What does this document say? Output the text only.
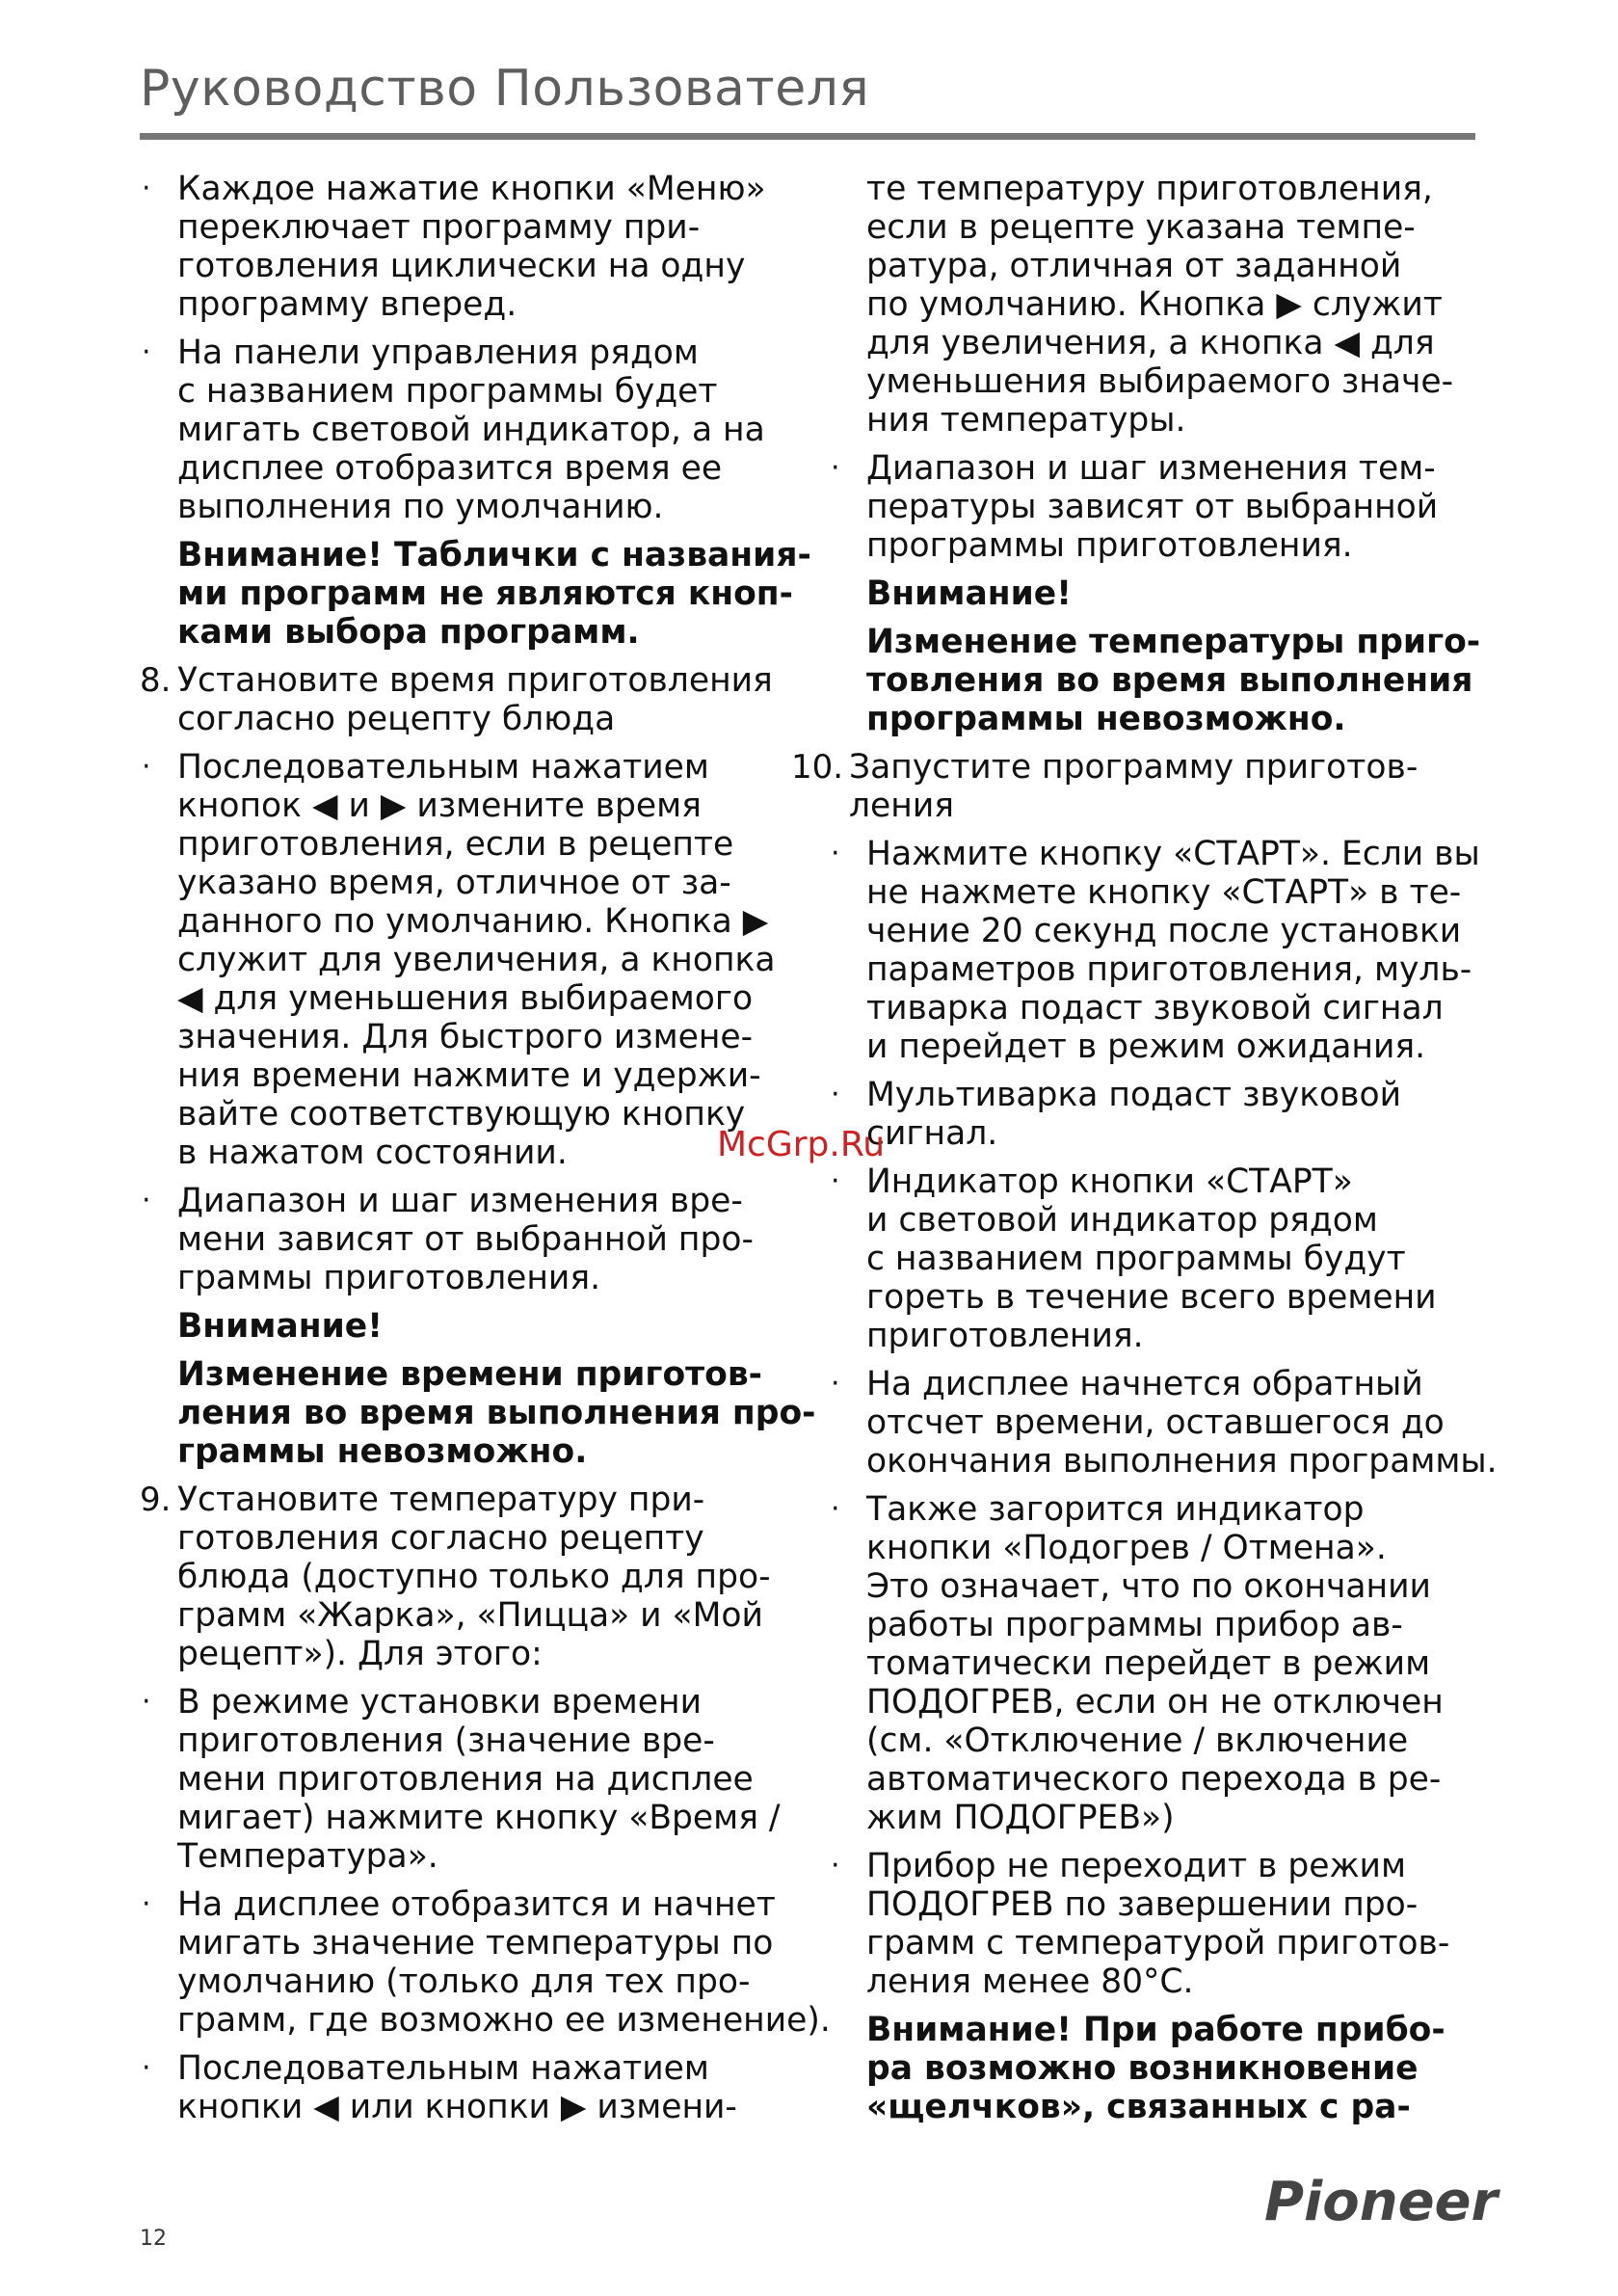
Руководство Пользователя
· Каждое нажатие кнопки «Меню»
переключает программу при-
готовления циклически на одну
программу вперед.
· На панели управления рядом
с названием программы будет
мигать световой индикатор, а на
дисплее отобразится время ее
выполнения по умолчанию.
Внимание! Таблички с названия-
ми программ не являются кноп-
ками выбора программ.
8. Установите время приготовления
согласно рецепту блюда
· Последовательным нажатием
кнопок ◀ и ▶ измените время
приготовления, если в рецепте
указано время, отличное от за-
данного по умолчанию. Кнопка ▶
служит для увеличения, а кнопка
◀ для уменьшения выбираемого
значения. Для быстрого измене-
ния времени нажмите и удержи-
вайте соответствующую кнопку
в нажатом состоянии.
· Диапазон и шаг изменения вре-
мени зависят от выбранной про-
граммы приготовления.
Внимание!
Изменение времени приготов-
ления во время выполнения про-
граммы невозможно.
9. Установите температуру при-
готовления согласно рецепту
блюда (доступно только для про-
грамм «Жарка», «Пицца» и «Мой
рецепт»). Для этого:
· В режиме установки времени
приготовления (значение вре-
мени приготовления на дисплее
мигает) нажмите кнопку «Время /
Температура».
· На дисплее отобразится и начнет
мигать значение температуры по
умолчанию (только для тех про-
грамм, где возможно ее изменение).
· Последовательным нажатием
кнопки ◀ или кнопки ▶ измени-
те температуру приготовления,
если в рецепте указана темпе-
ратура, отличная от заданной
по умолчанию. Кнопка ▶ служит
для увеличения, а кнопка ◀ для
уменьшения выбираемого значе-
ния температуры.
· Диапазон и шаг изменения тем-
пературы зависят от выбранной
программы приготовления.
Внимание!
Изменение температуры приго-
товления во время выполнения
программы невозможно.
10. Запустите программу приготов-
ления
· Нажмите кнопку «СТАРТ». Если вы
не нажмете кнопку «СТАРТ» в те-
чение 20 секунд после установки
параметров приготовления, муль-
тиварка подаст звуковой сигнал
и перейдет в режим ожидания.
· Мультиварка подаст звуковой
сигнал.
· Индикатор кнопки «СТАРТ»
и световой индикатор рядом
с названием программы будут
гореть в течение всего времени
приготовления.
· На дисплее начнется обратный
отсчет времени, оставшегося до
окончания выполнения программы.
· Также загорится индикатор
кнопки «Подогрев / Отмена».
Это означает, что по окончании
работы программы прибор ав-
томатически перейдет в режим
ПОДОГРЕВ, если он не отключен
(см. «Отключение / включение
автоматического перехода в ре-
жим ПОДОГРЕВ»)
· Прибор не переходит в режим
ПОДОГРЕВ по завершении про-
грамм с температурой приготов-
ления менее 80°С.
Внимание! При работе прибо-
ра возможно возникновение
«щелчков», связанных с ра-
McGrp.Ru
Pioneer
12
